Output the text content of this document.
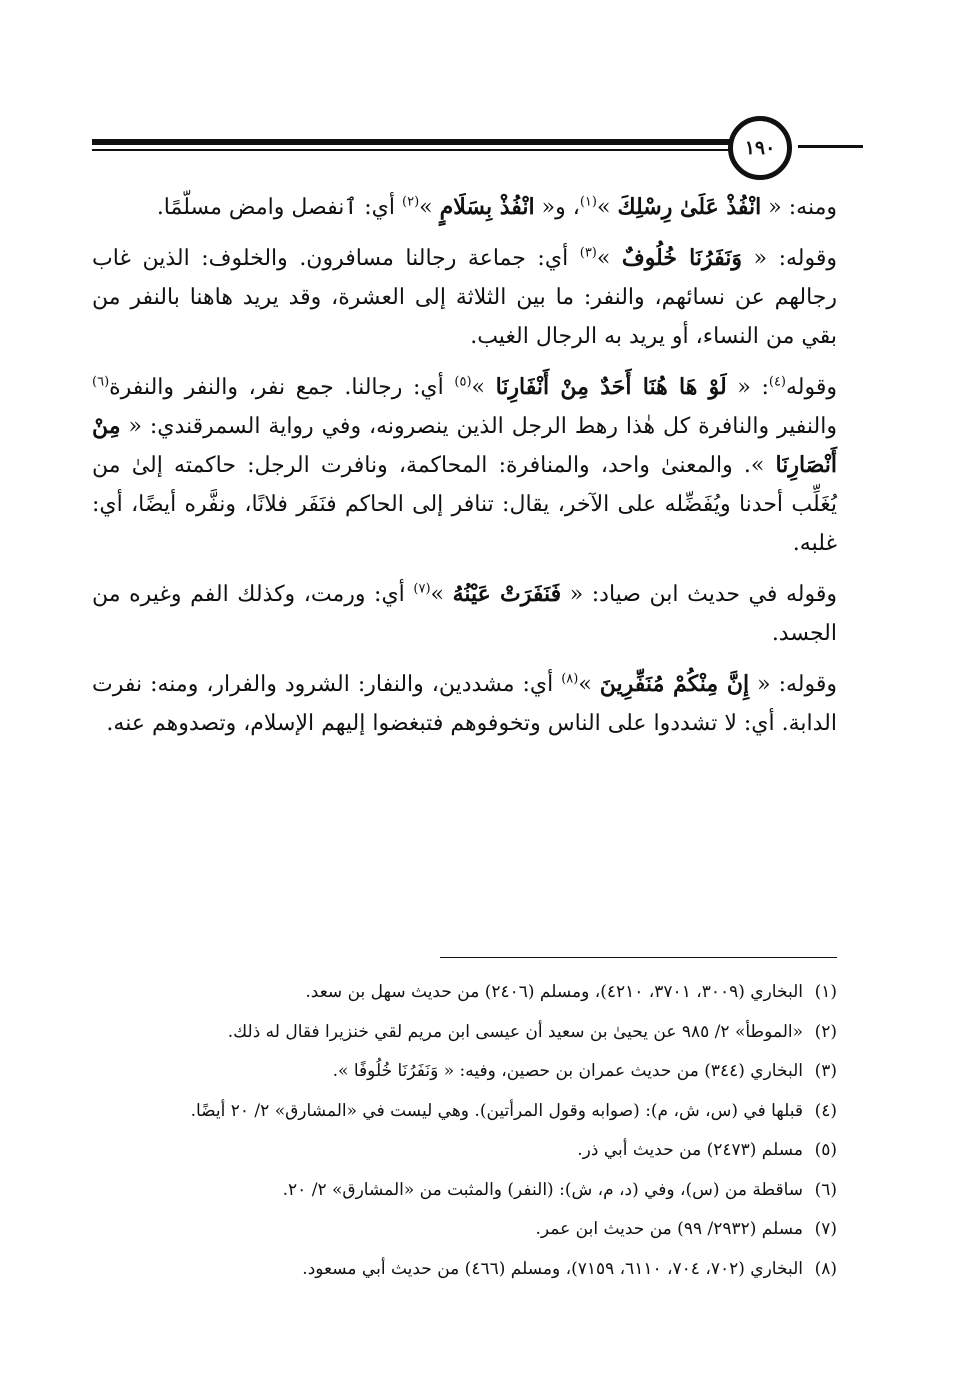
١٩٠

ومنه: « انْفُذْ عَلَىٰ رِسْلِكَ »$^{(١)}$، و« انْفُذْ بِسَلَامٍ »$^{(٢)}$ أي: ٱنفصل وامض مسلّمًا.

وقوله: « وَنَفَرُنَا خُلُوفٌ »$^{(٣)}$ أي: جماعة رجالنا مسافرون. والخلوف: الذين غاب رجالهم عن نسائهم، والنفر: ما بين الثلاثة إلى العشرة، وقد يريد هاهنا بالنفر من بقي من النساء، أو يريد به الرجال الغيب.

وقوله$^{(٤)}$: « لَوْ هَا هُنَا أَحَدٌ مِنْ أَنْفَارِنَا »$^{(٥)}$ أي: رجالنا. جمع نفر، والنفر والنفرة$^{(٦)}$ والنفير والنافرة كل هٰذا رهط الرجل الذين ينصرونه، وفي رواية السمرقندي: « مِنْ أَنْصَارِنَا ». والمعنىٰ واحد، والمنافرة: المحاكمة، ونافرت الرجل: حاكمته إلىٰ من يُغَلِّب أحدنا ويُفَضِّله على الآخر، يقال: تنافر إلى الحاكم فنَفَر فلانًا، ونفَّره أيضًا، أي: غلبه.

وقوله في حديث ابن صياد: « فَنَفَرَتْ عَيْنُهُ »$^{(٧)}$ أي: ورمت، وكذلك الفم وغيره من الجسد.

وقوله: « إِنَّ مِنْكُمْ مُنَفِّرِينَ »$^{(٨)}$ أي: مشددين، والنفار: الشرود والفرار، ومنه: نفرت الدابة. أي: لا تشددوا على الناس وتخوفوهم فتبغضوا إليهم الإسلام، وتصدوهم عنه.

(١)البخاري (٣٠٠٩، ٣٧٠١، ٤٢١٠)، ومسلم (٢٤٠٦) من حديث سهل بن سعد.
(٢)«الموطأ» ٢/ ٩٨٥ عن يحيىٰ بن سعيد أن عيسى ابن مريم لقي خنزيرا فقال له ذلك.
(٣)البخاري (٣٤٤) من حديث عمران بن حصين، وفيه: « وَنَفَرُنَا خُلُوفًا ».
(٤)قبلها في (س، ش، م): (صوابه وقول المرأتين). وهي ليست في «المشارق» ٢/ ٢٠ أيضًا.
(٥)مسلم (٢٤٧٣) من حديث أبي ذر.
(٦)ساقطة من (س)، وفي (د، م، ش): (النفر) والمثبت من «المشارق» ٢/ ٢٠.
(٧)مسلم (٢٩٣٢/ ٩٩) من حديث ابن عمر.
(٨)البخاري (٧٠٢، ٧٠٤، ٦١١٠، ٧١٥٩)، ومسلم (٤٦٦) من حديث أبي مسعود.
